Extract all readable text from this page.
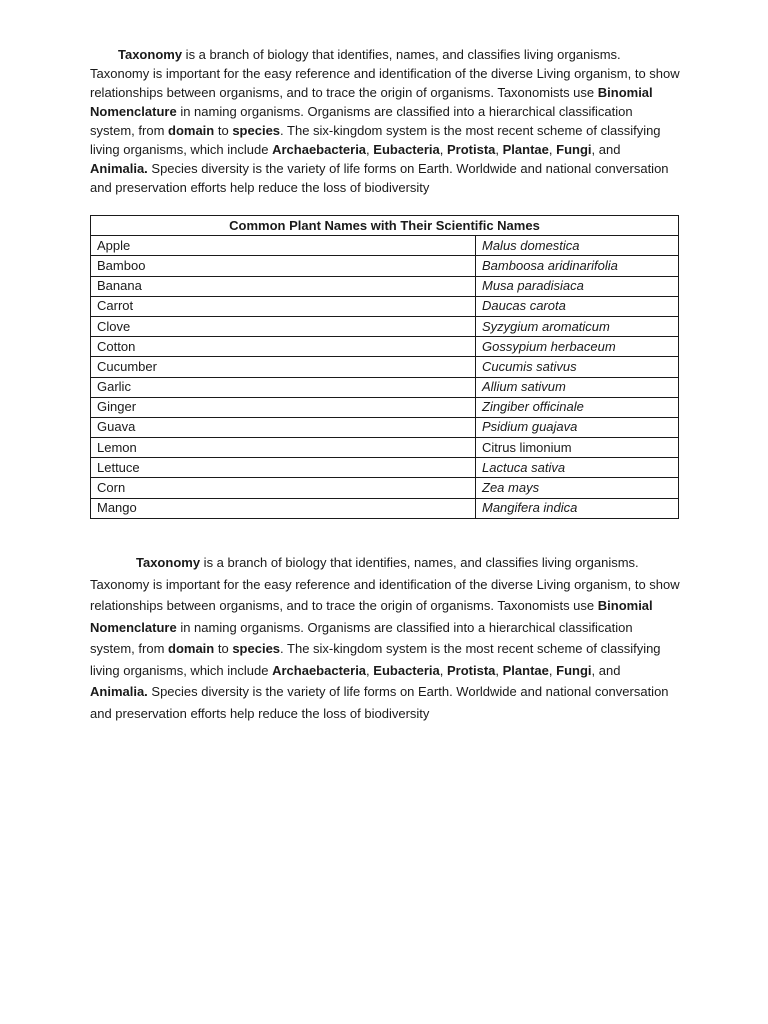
Taxonomy is a branch of biology that identifies, names, and classifies living organisms. Taxonomy is important for the easy reference and identification of the diverse Living organism, to show relationships between organisms, and to trace the origin of organisms. Taxonomists use Binomial Nomenclature in naming organisms. Organisms are classified into a hierarchical classification system, from domain to species. The six-kingdom system is the most recent scheme of classifying living organisms, which include Archaebacteria, Eubacteria, Protista, Plantae, Fungi, and Animalia. Species diversity is the variety of life forms on Earth. Worldwide and national conversation and preservation efforts help reduce the loss of biodiversity

Common Plant Names with Their Scientific Names	
Apple	Malus domestica
Bamboo	Bamboosa aridinarifolia
Banana	Musa paradisiaca
Carrot	Daucas carota
Clove	Syzygium aromaticum
Cotton	Gossypium herbaceum
Cucumber	Cucumis sativus
Garlic	Allium sativum
Ginger	Zingiber officinale
Guava	Psidium guajava
Lemon	Citrus limonium
Lettuce	Lactuca sativa
Corn	Zea mays
Mango	Mangifera indica

Taxonomy is a branch of biology that identifies, names, and classifies living organisms. Taxonomy is important for the easy reference and identification of the diverse Living organism, to show relationships between organisms, and to trace the origin of organisms. Taxonomists use Binomial Nomenclature in naming organisms. Organisms are classified into a hierarchical classification system, from domain to species. The six-kingdom system is the most recent scheme of classifying living organisms, which include Archaebacteria, Eubacteria, Protista, Plantae, Fungi, and Animalia. Species diversity is the variety of life forms on Earth. Worldwide and national conversation and preservation efforts help reduce the loss of biodiversity
